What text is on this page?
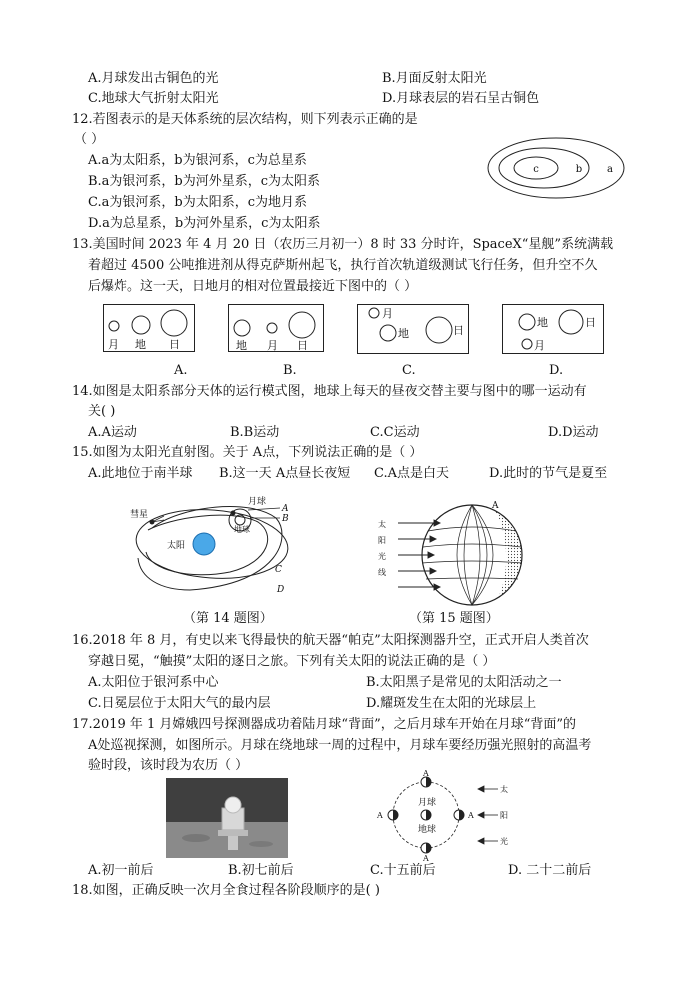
A.月球发出古铜色的光	B.月面反射太阳光
C.地球大气折射太阳光	D.月球表层的岩石呈古铜色
12.若图表示的是天体系统的层次结构，则下列表示正确的是
（ ）
A.a为太阳系，b为银河系，c为总星系
B.a为银河系，b为河外星系，c为太阳系
C.a为银河系，b为太阳系，c为地月系
D.a为总星系，b为河外星系，c为太阳系
c	b a
13.美国时间 2023 年 4 月 20 日（农历三月初一）8 时 33 分时许，SpaceX“星舰”系统满载
着超过 4500 公吨推进剂从得克萨斯州起飞，执行首次轨道级测试飞行任务，但升空不久
后爆炸。这一天，日地月的相对位置最接近下图中的（ ）
月 地 日	地 月 日
月
地	日
地	日
月
A.	B.	C.	D.
14.如图是太阳系部分天体的运行模式图，地球上每天的昼夜交替主要与图中的哪一运动有
关( )
A.A运动	B.B运动	C.C运动	D.D运动
15.如图为太阳光直射图。关于 A点，下列说法正确的是（ ）
A.此地位于南半球 B.这一天 A点昼长夜短 C.A点是白天	D.此时的节气是夏至
彗星
太阳
月球
地球
A
B
C
D
（第 14 题图）
太
阳
光
线
A
（第 15 题图）
16.2018 年 8 月，有史以来飞得最快的航天器“帕克”太阳探测器升空，正式开启人类首次
穿越日冕，“触摸”太阳的逐日之旅。下列有关太阳的说法正确的是（ ）
A.太阳位于银河系中心	B.太阳黑子是常见的太阳活动之一
C.日冕层位于太阳大气的最内层	D.耀斑发生在太阳的光球层上
17.2019 年 1 月嫦娥四号探测器成功着陆月球“背面”，之后月球车开始在月球“背面”的
A处巡视探测，如图所示。月球在绕地球一周的过程中，月球车要经历强光照射的高温考
验时段，该时段为农历（ ）
月球
地球
A
A	A
A
太
阳
光
A.初一前后	B.初七前后	C.十五前后	D. 二十二前后
18.如图，正确反映一次月全食过程各阶段顺序的是( )
